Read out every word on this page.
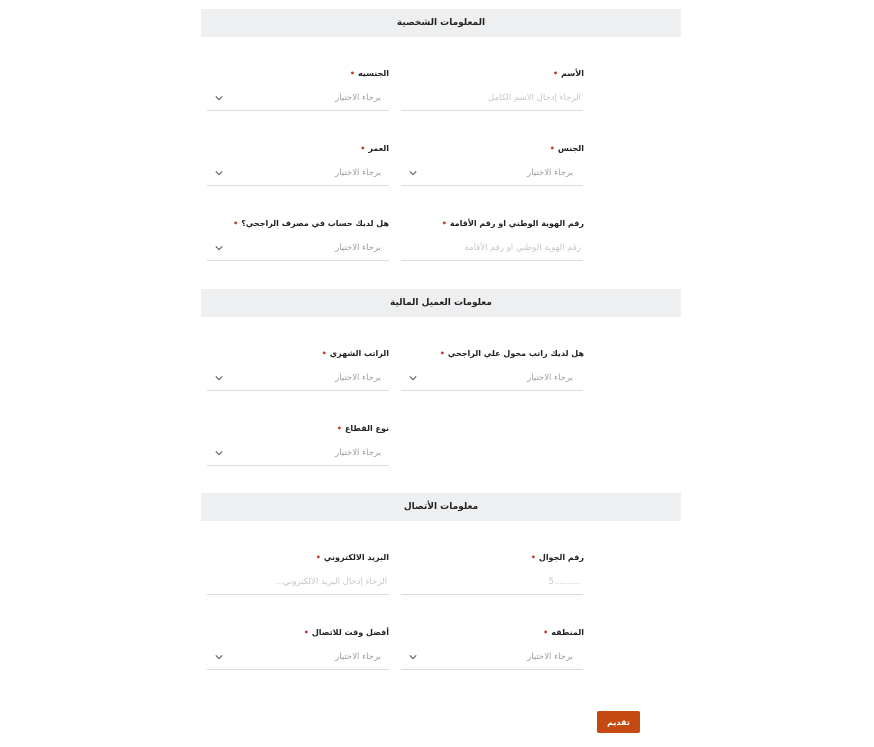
المعلومات الشخصية
الأسم•
الرجاء إدخال الاسم الكامل
الجنسيه•
برجاء الاختيار
الجنس•
برجاء الاختيار
العمر•
برجاء الاختيار
رقم الهوية الوطني او رقم الأقامة•
رقم الهوية الوطني او رقم الأقامة
هل لديك حساب في مصرف الراجحي؟•
برجاء الاختيار
معلومات العميل المالية
هل لديك راتب محول علي الراجحي•
برجاء الاختيار
الراتب الشهري•
برجاء الاختيار
نوع القطاع•
برجاء الاختيار
معلومات الأتصال
رقم الجوال•
..........5
البريد الالكتروني•
الرجاء إدخال البريد الالكتروني...
المنطقه•
برجاء الاختيار
أفضل وقت للاتصال•
برجاء الاختيار
تقديم
